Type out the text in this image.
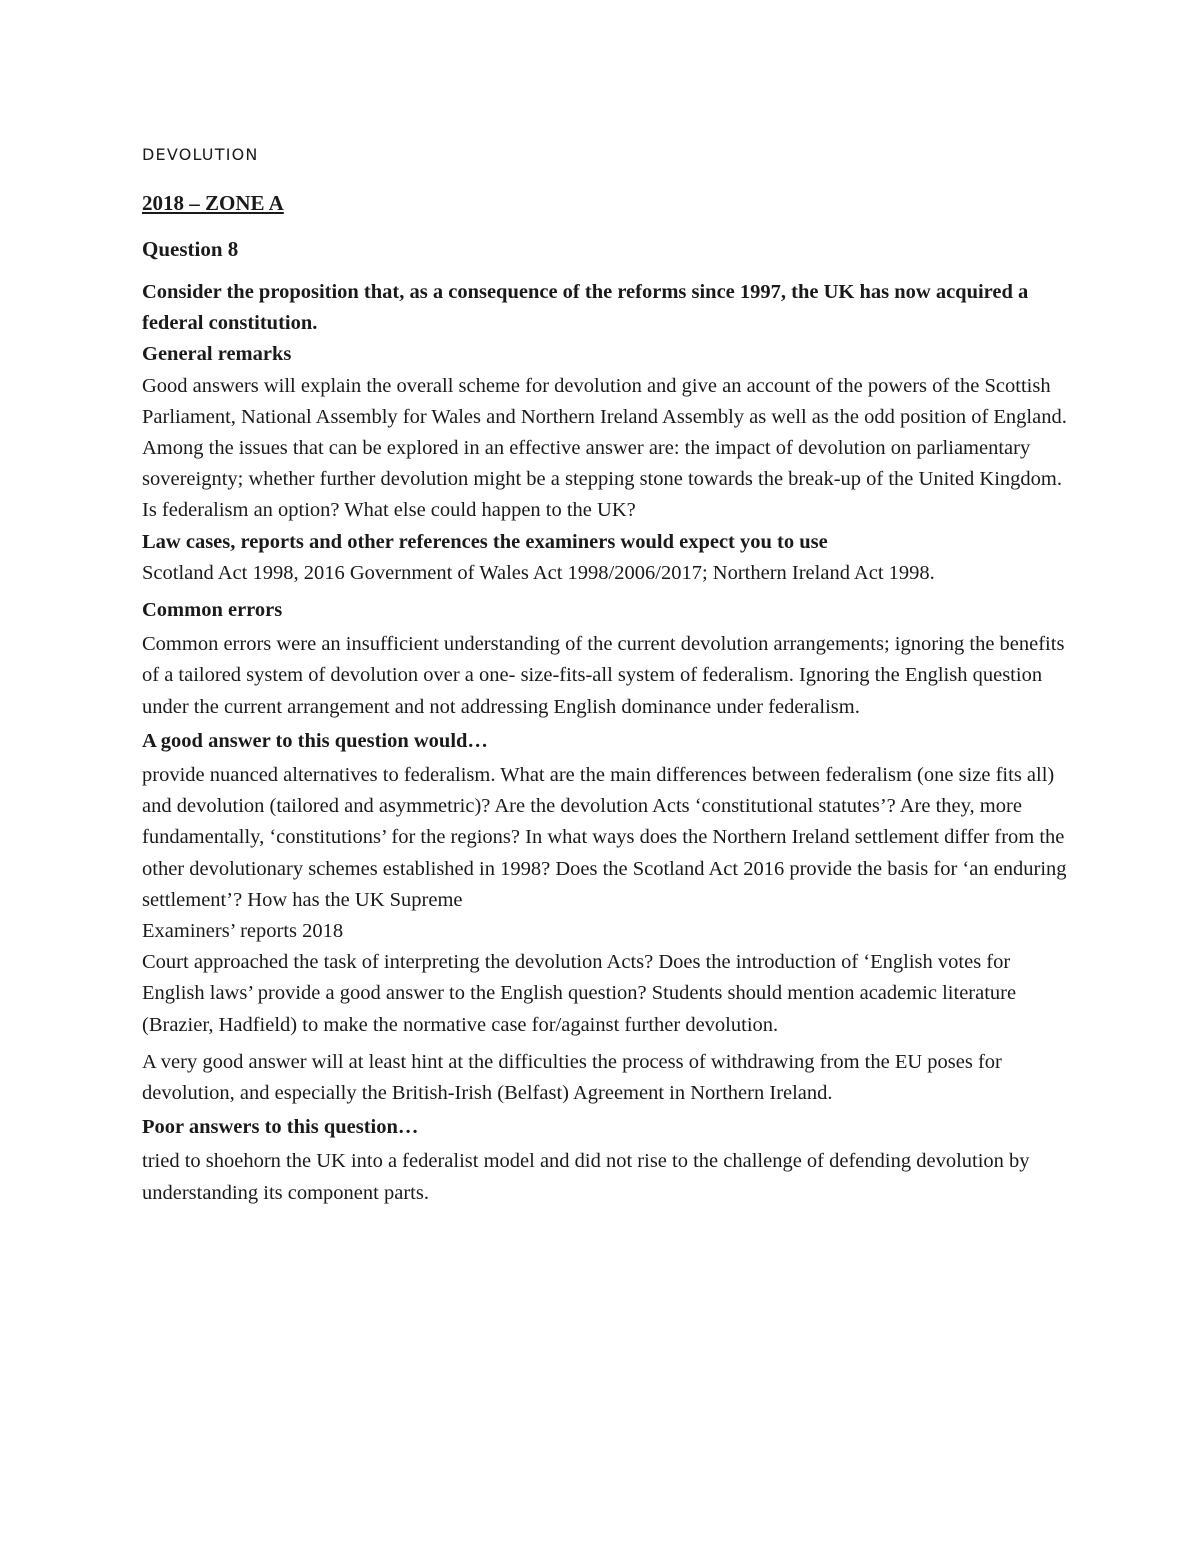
DEVOLUTION
2018 – ZONE A
Question 8

Consider the proposition that, as a consequence of the reforms since 1997, the UK has now acquired a federal constitution.

General remarks

Good answers will explain the overall scheme for devolution and give an account of the powers of the Scottish Parliament, National Assembly for Wales and Northern Ireland Assembly as well as the odd position of England. Among the issues that can be explored in an effective answer are: the impact of devolution on parliamentary sovereignty; whether further devolution might be a stepping stone towards the break-up of the United Kingdom. Is federalism an option? What else could happen to the UK?

Law cases, reports and other references the examiners would expect you to use

Scotland Act 1998, 2016 Government of Wales Act 1998/2006/2017; Northern Ireland Act 1998.

Common errors

Common errors were an insufficient understanding of the current devolution arrangements; ignoring the benefits of a tailored system of devolution over a one- size-fits-all system of federalism. Ignoring the English question under the current arrangement and not addressing English dominance under federalism.

A good answer to this question would…

provide nuanced alternatives to federalism. What are the main differences between federalism (one size fits all) and devolution (tailored and asymmetric)? Are the devolution Acts ‘constitutional statutes’? Are they, more fundamentally, ‘constitutions’ for the regions? In what ways does the Northern Ireland settlement differ from the other devolutionary schemes established in 1998? Does the Scotland Act 2016 provide the basis for ‘an enduring settlement’? How has the UK Supreme

Examiners’ reports 2018

Court approached the task of interpreting the devolution Acts? Does the introduction of ‘English votes for English laws’ provide a good answer to the English question? Students should mention academic literature (Brazier, Hadfield) to make the normative case for/against further devolution.

A very good answer will at least hint at the difficulties the process of withdrawing from the EU poses for devolution, and especially the British-Irish (Belfast) Agreement in Northern Ireland.

Poor answers to this question…

tried to shoehorn the UK into a federalist model and did not rise to the challenge of defending devolution by understanding its component parts.
